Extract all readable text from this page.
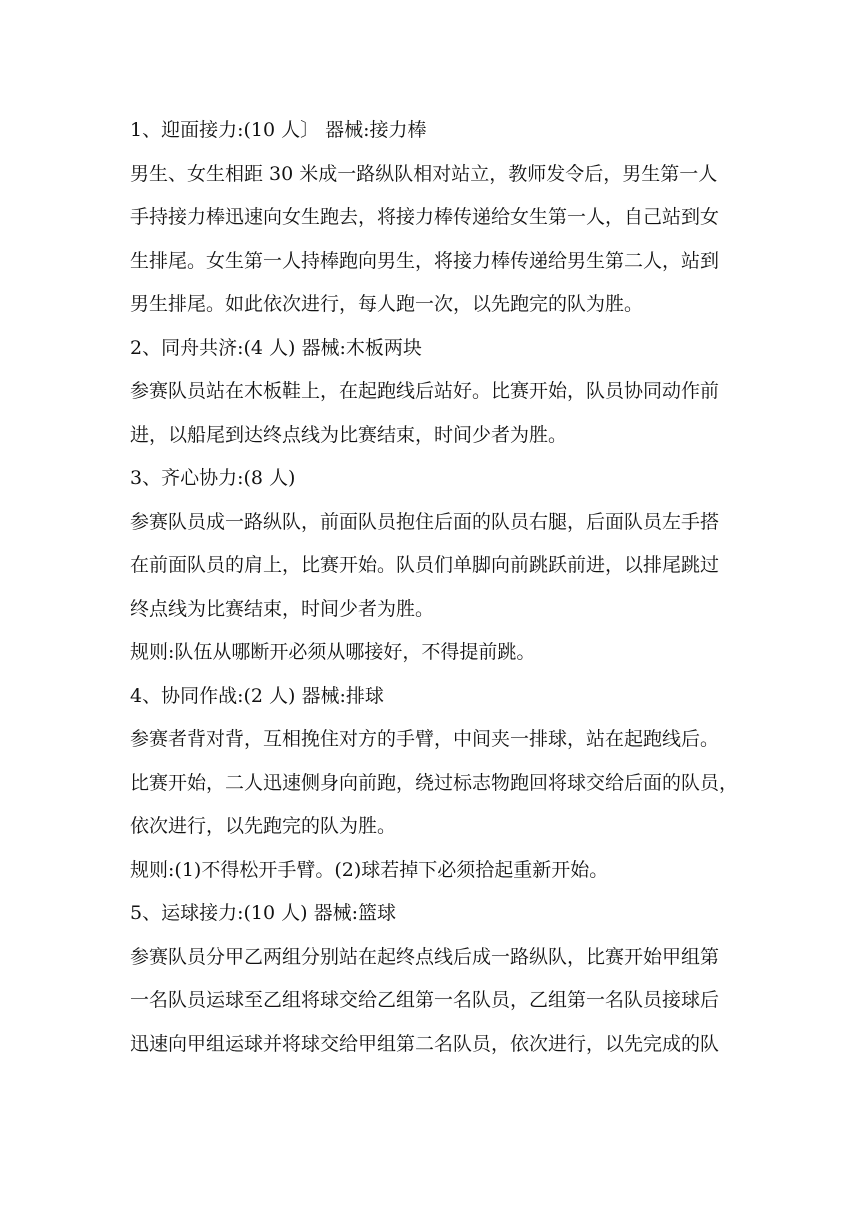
1、迎面接力:(10 人〕 器械:接力棒

男生、女生相距 30 米成一路纵队相对站立，教师发令后，男生第一人

手持接力棒迅速向女生跑去，将接力棒传递给女生第一人，自己站到女

生排尾。女生第一人持棒跑向男生，将接力棒传递给男生第二人，站到

男生排尾。如此依次进行，每人跑一次，以先跑完的队为胜。

2、同舟共济:(4 人) 器械:木板两块

参赛队员站在木板鞋上，在起跑线后站好。比赛开始，队员协同动作前

进，以船尾到达终点线为比赛结束，时间少者为胜。

3、齐心协力:(8 人)

参赛队员成一路纵队，前面队员抱住后面的队员右腿，后面队员左手搭

在前面队员的肩上，比赛开始。队员们单脚向前跳跃前进，以排尾跳过

终点线为比赛结束，时间少者为胜。

规则:队伍从哪断开必须从哪接好，不得提前跳。

4、协同作战:(2 人) 器械:排球

参赛者背对背，互相挽住对方的手臂，中间夹一排球，站在起跑线后。

比赛开始，二人迅速侧身向前跑，绕过标志物跑回将球交给后面的队员，

依次进行，以先跑完的队为胜。

规则:(1)不得松开手臂。(2)球若掉下必须拾起重新开始。

5、运球接力:(10 人) 器械:篮球

参赛队员分甲乙两组分别站在起终点线后成一路纵队，比赛开始甲组第

一名队员运球至乙组将球交给乙组第一名队员，乙组第一名队员接球后

迅速向甲组运球并将球交给甲组第二名队员，依次进行，以先完成的队
